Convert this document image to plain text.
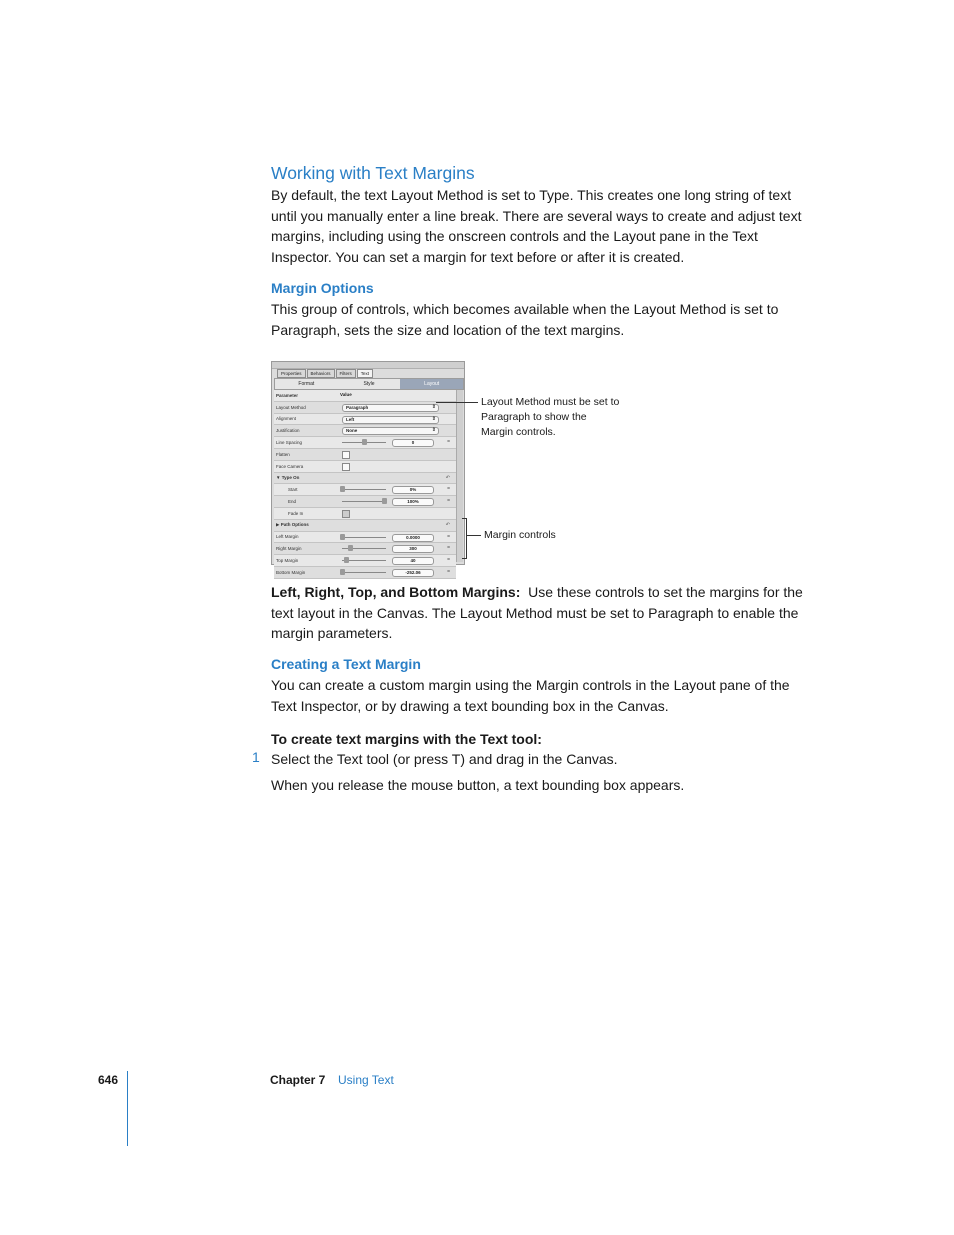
Working with Text Margins
By default, the text Layout Method is set to Type. This creates one long string of text until you manually enter a line break. There are several ways to create and adjust text margins, including using the onscreen controls and the Layout pane in the Text Inspector. You can set a margin for text before or after it is created.
Margin Options
This group of controls, which becomes available when the Layout Method is set to Paragraph, sets the size and location of the text margins.
Properties	Behaviors	Filters	Text
Format	Style	Layout
Parameter	Value
Layout Method	Paragraph ⇕
Alignment	Left ⇕
Justification	None ⇕
Line Spacing	0	=
Flatten
Face Camera
▼ Type On	↶
Start	0%	=
End	100%	=
Fade In
▶ Path Options	↶
Left Margin	0.0000	=
Right Margin	300	=
Top Margin	40	=
Bottom Margin	-252.06	=
Layout Method must be set to Paragraph to show the Margin controls.
Margin controls
Left, Right, Top, and Bottom Margins: Use these controls to set the margins for the text layout in the Canvas. The Layout Method must be set to Paragraph to enable the margin parameters.
Creating a Text Margin
You can create a custom margin using the Margin controls in the Layout pane of the Text Inspector, or by drawing a text bounding box in the Canvas.
To create text margins with the Text tool:
1 Select the Text tool (or press T) and drag in the Canvas.
When you release the mouse button, a text bounding box appears.
646	Chapter 7 Using Text
